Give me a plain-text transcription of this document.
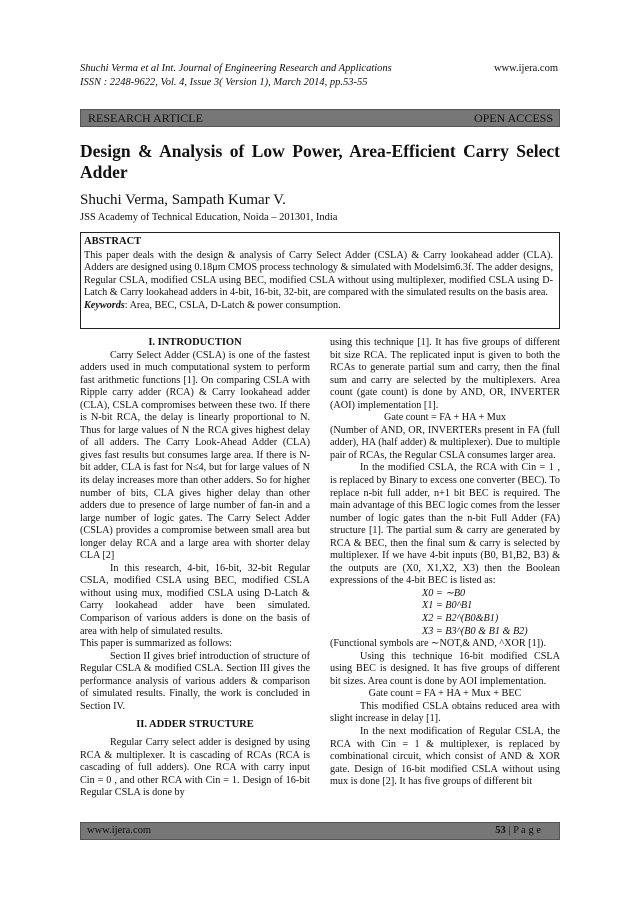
Shuchi Verma et al Int. Journal of Engineering Research and Applications
ISSN : 2248-9622, Vol. 4, Issue 3( Version 1), March 2014, pp.53-55
www.ijera.com
RESEARCH ARTICLE	OPEN ACCESS
Design & Analysis of Low Power, Area-Efficient Carry Select Adder
Shuchi Verma, Sampath Kumar V.
JSS Academy of Technical Education, Noida – 201301, India
ABSTRACT
This paper deals with the design & analysis of Carry Select Adder (CSLA) & Carry lookahead adder (CLA). Adders are designed using 0.18μm CMOS process technology & simulated with Modelsim6.3f. The adder designs, Regular CSLA, modified CSLA using BEC, modified CSLA without using multiplexer, modified CSLA using D-Latch & Carry lookahead adders in 4-bit, 16-bit, 32-bit, are compared with the simulated results on the basis area.
Keywords: Area, BEC, CSLA, D-Latch & power consumption.

I. INTRODUCTION

Carry Select Adder (CSLA) is one of the fastest adders used in much computational system to perform fast arithmetic functions [1]. On comparing CSLA with Ripple carry adder (RCA) & Carry lookahead adder (CLA), CSLA compromises between these two. If there is N-bit RCA, the delay is linearly proportional to N. Thus for large values of N the RCA gives highest delay of all adders. The Carry Look-Ahead Adder (CLA) gives fast results but consumes large area. If there is N-bit adder, CLA is fast for N≤4, but for large values of N its delay increases more than other adders. So for higher number of bits, CLA gives higher delay than other adders due to presence of large number of fan-in and a large number of logic gates. The Carry Select Adder (CSLA) provides a compromise between small area but longer delay RCA and a large area with shorter delay CLA [2]

In this research, 4-bit, 16-bit, 32-bit Regular CSLA, modified CSLA using BEC, modified CSLA without using mux, modified CSLA using D-Latch & Carry lookahead adder have been simulated. Comparison of various adders is done on the basis of area with help of simulated results.

This paper is summarized as follows:

Section II gives brief introduction of structure of Regular CSLA & modified CSLA. Section III gives the performance analysis of various adders & comparison of simulated results. Finally, the work is concluded in Section IV.

II. ADDER STRUCTURE

Regular Carry select adder is designed by using RCA & multiplexer. It is cascading of RCAs (RCA is cascading of full adders). One RCA with carry input Cin = 0 , and other RCA with Cin = 1. Design of 16-bit Regular CSLA is done by

using this technique [1]. It has five groups of different bit size RCA. The replicated input is given to both the RCAs to generate partial sum and carry, then the final sum and carry are selected by the multiplexers. Area count (gate count) is done by AND, OR, INVERTER (AOI) implementation [1].

Gate count = FA + HA + Mux

(Number of AND, OR, INVERTERs present in FA (full adder), HA (half adder) & multiplexer). Due to multiple pair of RCAs, the Regular CSLA consumes larger area.

In the modified CSLA, the RCA with Cin = 1 , is replaced by Binary to excess one converter (BEC). To replace n-bit full adder, n+1 bit BEC is required. The main advantage of this BEC logic comes from the lesser number of logic gates than the n-bit Full Adder (FA) structure [1]. The partial sum & carry are generated by RCA & BEC, then the final sum & carry is selected by multiplexer. If we have 4-bit inputs (B0, B1,B2, B3) & the outputs are (X0, X1,X2, X3) then the Boolean expressions of the 4-bit BEC is listed as:

X0 = ∼B0

X1 = B0^B1

X2 = B2^(B0&B1)

X3 = B3^(B0 & B1 & B2)

(Functional symbols are ∼NOT,& AND, ^XOR [1]).

Using this technique 16-bit modified CSLA using BEC is designed. It has five groups of different bit sizes. Area count is done by AOI implementation.

Gate count = FA + HA + Mux + BEC

This modified CSLA obtains reduced area with slight increase in delay [1].

In the next modification of Regular CSLA, the RCA with Cin = 1 & multiplexer, is replaced by combinational circuit, which consist of AND & XOR gate. Design of 16-bit modified CSLA without using mux is done [2]. It has five groups of different bit

www.ijera.com	53 | P a g e
